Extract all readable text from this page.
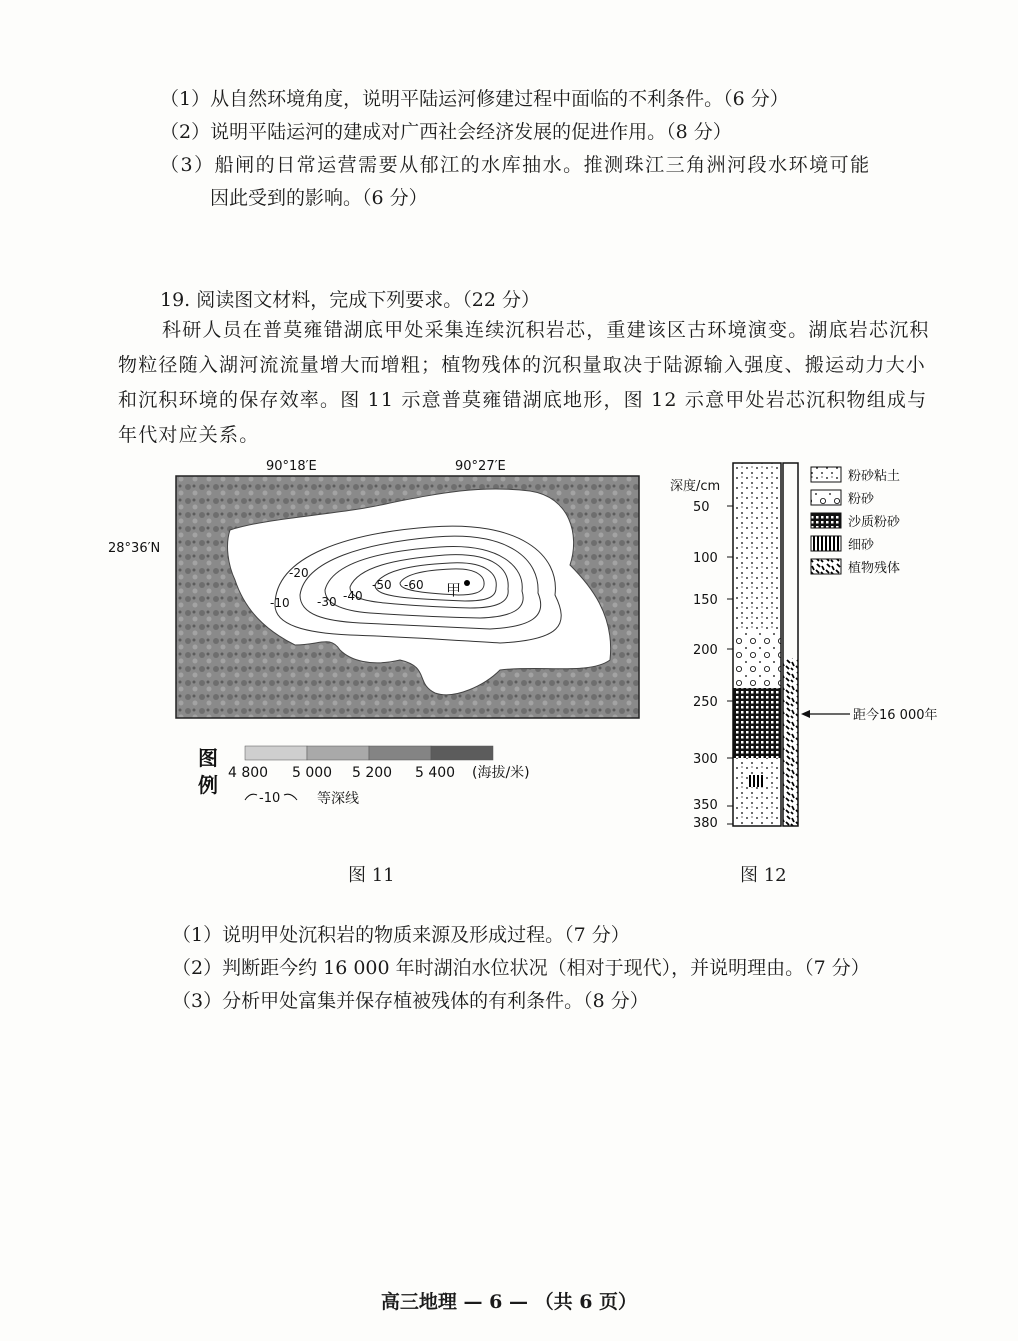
（1）从自然环境角度，说明平陆运河修建过程中面临的不利条件。（6 分）
（2）说明平陆运河的建成对广西社会经济发展的促进作用。（8 分）
（3）船闸的日常运营需要从郁江的水库抽水。推测珠江三角洲河段水环境可能
因此受到的影响。（6 分）
19. 阅读图文材料，完成下列要求。（22 分）
科研人员在普莫雍错湖底甲处采集连续沉积岩芯，重建该区古环境演变。湖底岩芯沉积物粒径随入湖河流流量增大而增粗；植物残体的沉积量取决于陆源输入强度、搬运动力大小和沉积环境的保存效率。图 11 示意普莫雍错湖底地形，图 12 示意甲处岩芯沉积物组成与年代对应关系。
90°18′E	90°27′E
28°36′N
-10
-20
-30 -40
-50 -60 甲
图
例 4 800 5 000 5 200 5 400 (海拔/米)
-10	等深线
深度/cm
50
100
150
200
250
300
350
380
粉砂粘土
粉砂
沙质粉砂
细砂
植物残体
距今16 000年
图 11	图 12
（1）说明甲处沉积岩的物质来源及形成过程。（7 分）
（2）判断距今约 16 000 年时湖泊水位状况（相对于现代），并说明理由。（7 分）
（3）分析甲处富集并保存植被残体的有利条件。（8 分）
高三地理 — 6 — （共 6 页）
